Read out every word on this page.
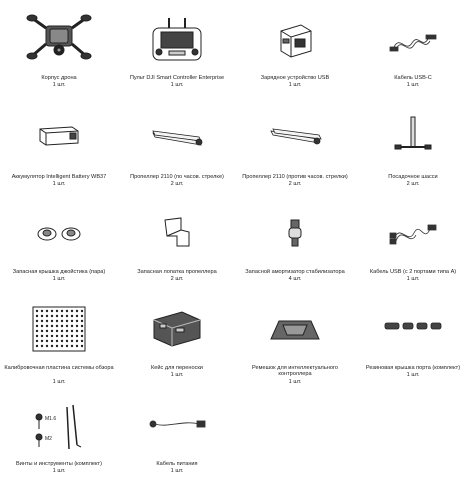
Корпус дрона
1 шт.
Пульт DJI Smart Controller Enterprise
1 шт.
Зарядное устройство USB
1 шт.
Кабель USB-C
1 шт.
Аккумулятор Intelligent Battery WB37
1 шт.
Пропеллер 2110 (по часов. стрелке)
2 шт.
Пропеллер 2110 (против часов. стрелки)
2 шт.
Посадочное шасси
2 шт.
Запасная крышка джойстика (пара)
1 шт.
Запасная лопатка пропеллера
2 шт.
Запасной амортизатор стабилизатора
4 шт.
Кабель USB (с 2 портами типа A)
1 шт.
Калибровочная пластина системы обзора
1 шт.
Кейс для переноски
1 шт.
Ремешок для интеллектуального контроллера
1 шт.
Резиновая крышка порта (комплект)
1 шт.
M1.6
M2
Винты и инструменты (комплект)
1 шт.
Кабель питания
1 шт.
